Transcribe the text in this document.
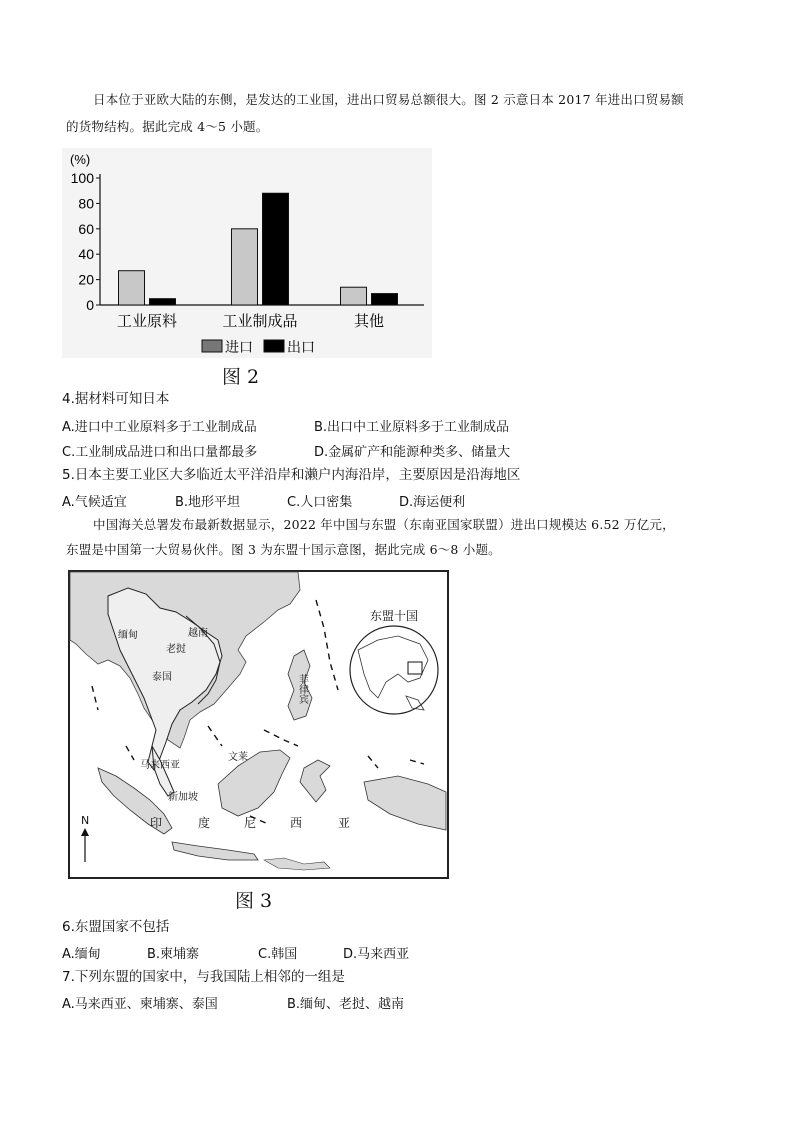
日本位于亚欧大陆的东侧，是发达的工业国，进出口贸易总额很大。图 2 示意日本 2017 年进出口贸易额
的货物结构。据此完成 4～5 小题。
(%)
0
20
40
60
80
100
工业原料	工业制成品	其他
进口 出口
图 2
4.据材料可知日本
A.进口中工业原料多于工业制成品	B.出口中工业原料多于工业制成品
C.工业制成品进口和出口量都最多	D.金属矿产和能源种类多、储量大
5.日本主要工业区大多临近太平洋沿岸和濑户内海沿岸，主要原因是沿海地区
A.气候适宜	B.地形平坦	C.人口密集	D.海运便利
中国海关总署发布最新数据显示，2022 年中国与东盟（东南亚国家联盟）进出口规模达 6.52 万亿元，
东盟是中国第一大贸易伙伴。图 3 为东盟十国示意图，据此完成 6～8 小题。
东盟十国
缅甸	越南
老挝
泰国	菲律宾
马来西亚
文莱
新加坡
印	度	尼	西	亚
N
图 3
6.东盟国家不包括
A.缅甸	B.柬埔寨	C.韩国	D.马来西亚
7.下列东盟的国家中，与我国陆上相邻的一组是
A.马来西亚、柬埔寨、泰国	B.缅甸、老挝、越南
